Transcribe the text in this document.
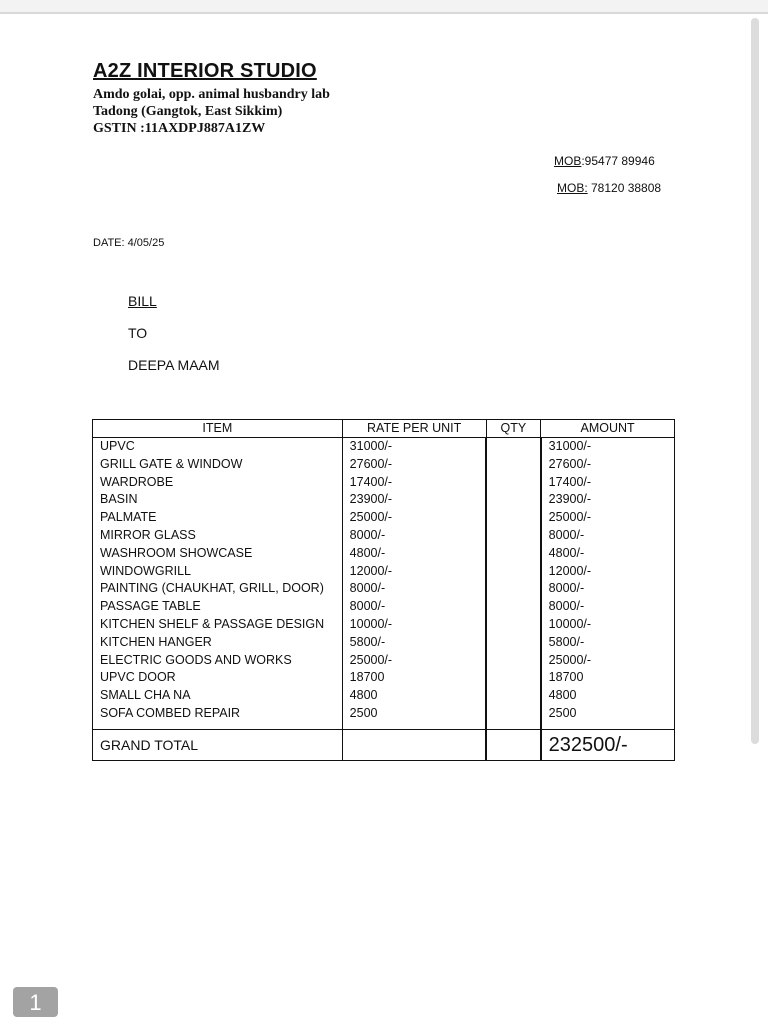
A2Z INTERIOR STUDIO
Amdo golai, opp. animal husbandry lab
Tadong (Gangtok, East Sikkim)
GSTIN :11AXDPJ887A1ZW
MOB:95477 89946
MOB: 78120 38808
DATE: 4/05/25
BILL
TO
DEEPA MAAM
ITEM	RATE PER UNIT	QTY	AMOUNT
UPVC	31000/-		31000/-
GRILL GATE & WINDOW	27600/-		27600/-
WARDROBE	17400/-		17400/-
BASIN	23900/-		23900/-
PALMATE	25000/-		25000/-
MIRROR GLASS	8000/-		8000/-
WASHROOM SHOWCASE	4800/-		4800/-
WINDOWGRILL	12000/-		12000/-
PAINTING (CHAUKHAT, GRILL, DOOR)	8000/-		8000/-
PASSAGE TABLE	8000/-		8000/-
KITCHEN SHELF & PASSAGE DESIGN	10000/-		10000/-
KITCHEN HANGER	5800/-		5800/-
ELECTRIC GOODS AND WORKS	25000/-		25000/-
UPVC DOOR	18700		18700
SMALL CHA NA	4800		4800
SOFA COMBED REPAIR	2500		2500

GRAND TOTAL			232500/-
1
